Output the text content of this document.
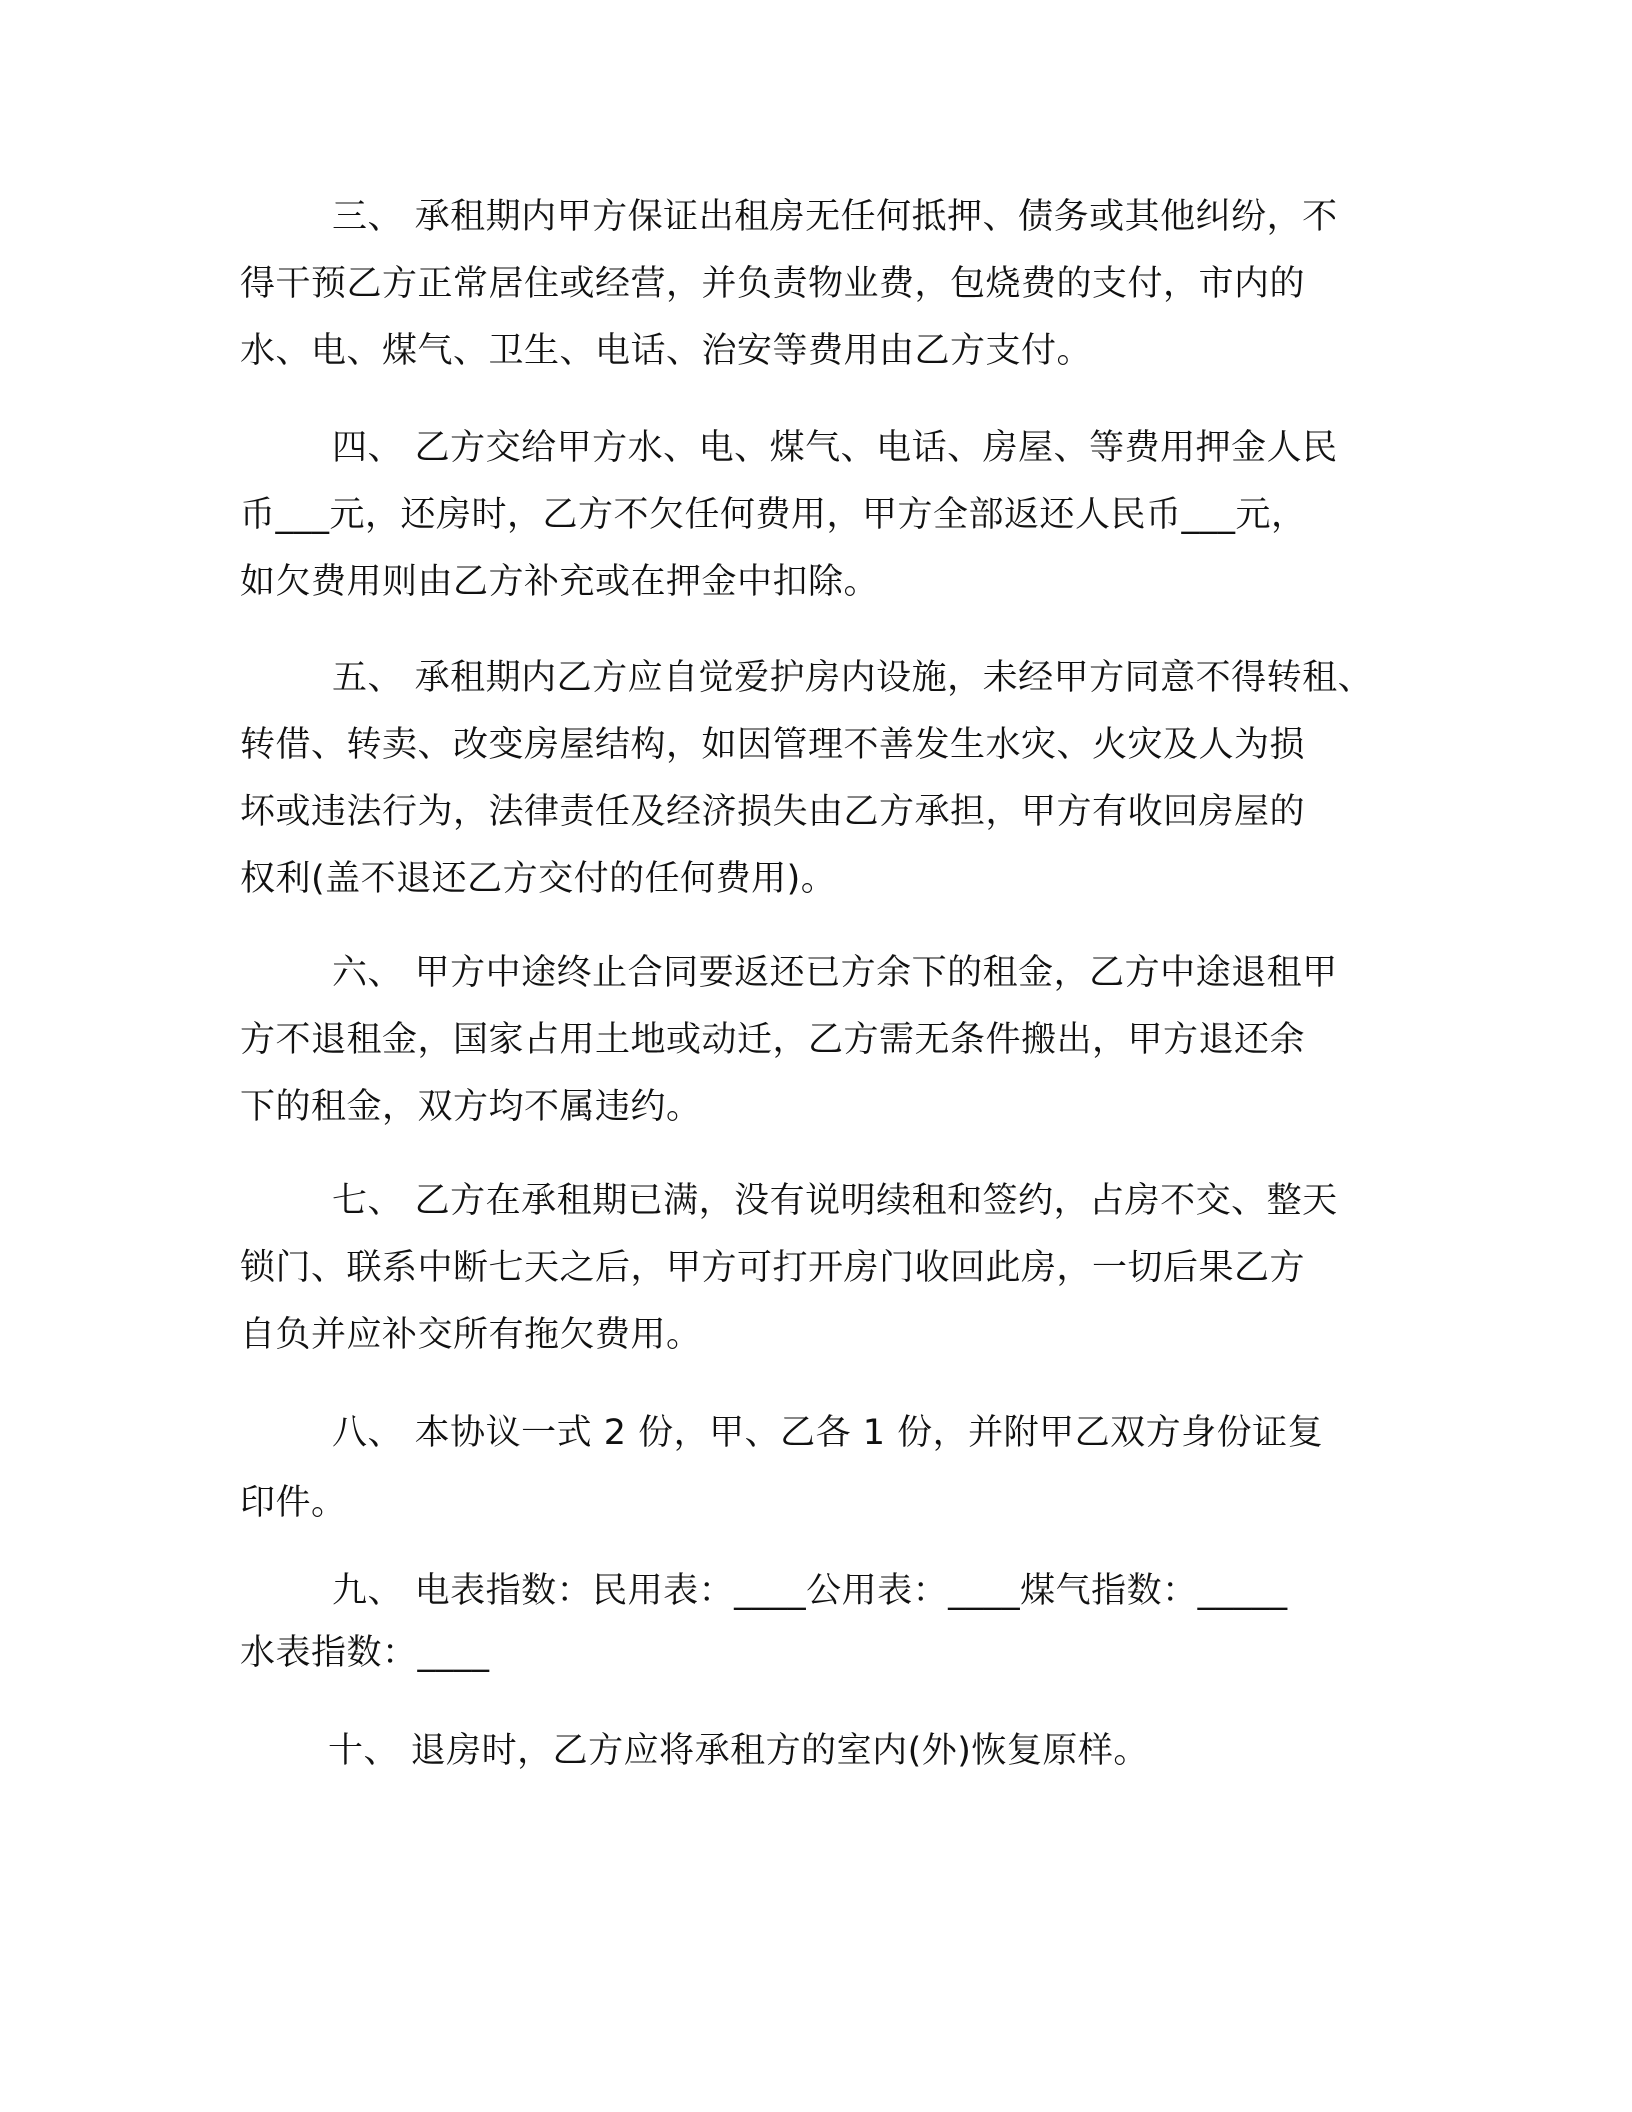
三、 承租期内甲方保证出租房无任何抵押、债务或其他纠纷，不
得干预乙方正常居住或经营，并负责物业费，包烧费的支付，市内的
水、电、煤气、卫生、电话、治安等费用由乙方支付。

四、 乙方交给甲方水、电、煤气、电话、房屋、等费用押金人民
币___元，还房时，乙方不欠任何费用，甲方全部返还人民币___元，
如欠费用则由乙方补充或在押金中扣除。

五、 承租期内乙方应自觉爱护房内设施，未经甲方同意不得转租、
转借、转卖、改变房屋结构，如因管理不善发生水灾、火灾及人为损
坏或违法行为，法律责任及经济损失由乙方承担，甲方有收回房屋的
权利(盖不退还乙方交付的任何费用)。

六、 甲方中途终止合同要返还已方余下的租金，乙方中途退租甲
方不退租金，国家占用土地或动迁，乙方需无条件搬出，甲方退还余
下的租金，双方均不属违约。

七、 乙方在承租期已满，没有说明续租和签约，占房不交、整天
锁门、联系中断七天之后，甲方可打开房门收回此房，一切后果乙方
自负并应补交所有拖欠费用。

八、 本协议一式 2 份，甲、乙各 1 份，并附甲乙双方身份证复
印件。

九、 电表指数：民用表：____公用表：____煤气指数：_____
水表指数：____

十、 退房时，乙方应将承租方的室内(外)恢复原样。
